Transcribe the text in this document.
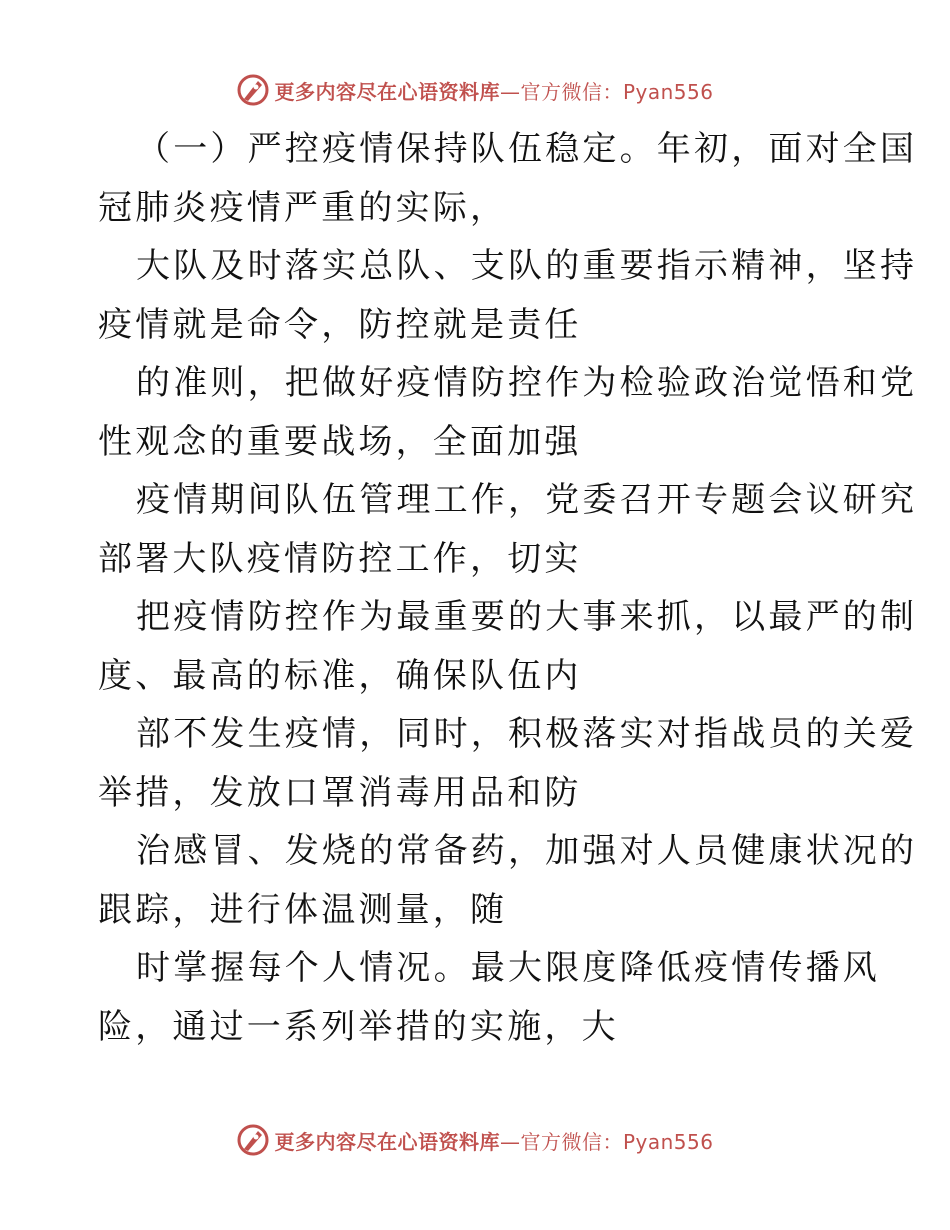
更多内容尽在心语资料库—官方微信：Pyan556
（一）严控疫情保持队伍稳定。年初，面对全国
冠肺炎疫情严重的实际，
大队及时落实总队、支队的重要指示精神，坚持
疫情就是命令，防控就是责任
的准则，把做好疫情防控作为检验政治觉悟和党
性观念的重要战场，全面加强
疫情期间队伍管理工作，党委召开专题会议研究
部署大队疫情防控工作，切实
把疫情防控作为最重要的大事来抓，以最严的制
度、最高的标准，确保队伍内
部不发生疫情，同时，积极落实对指战员的关爱
举措，发放口罩消毒用品和防
治感冒、发烧的常备药，加强对人员健康状况的
跟踪，进行体温测量，随
时掌握每个人情况。最大限度降低疫情传播风
险，通过一系列举措的实施，大
更多内容尽在心语资料库—官方微信：Pyan556
